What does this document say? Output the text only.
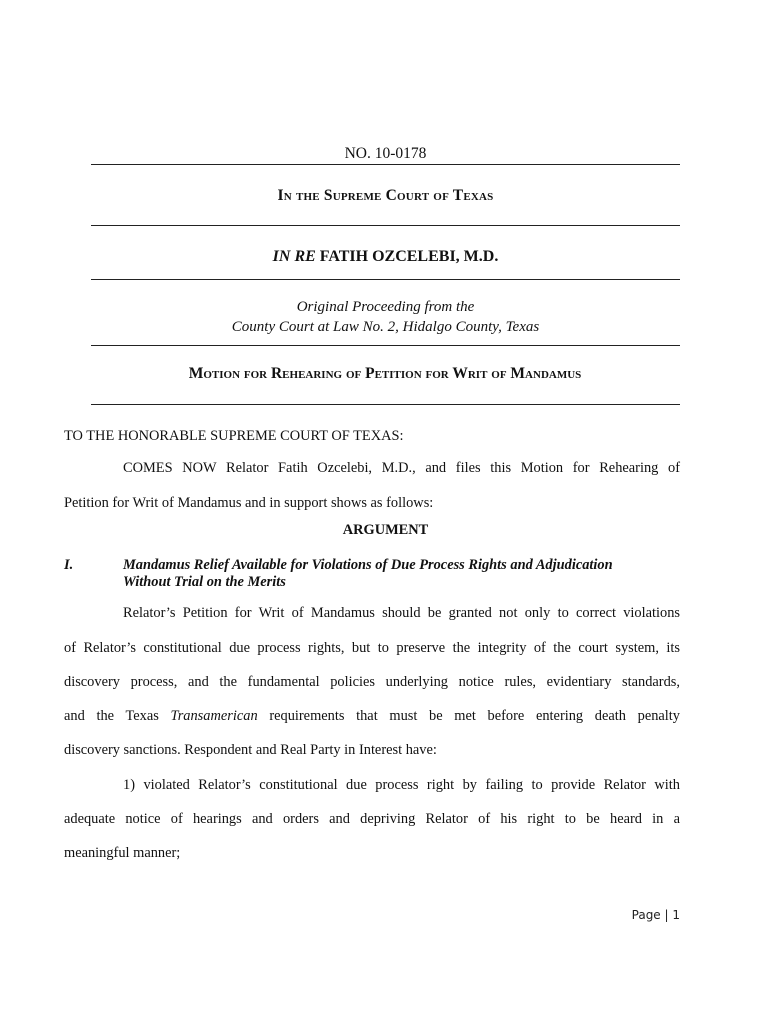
NO. 10-0178
In the Supreme Court of Texas
IN RE FATIH OZCELEBI, M.D.
Original Proceeding from the
County Court at Law No. 2, Hidalgo County, Texas
Motion for Rehearing of Petition for Writ of Mandamus
TO THE HONORABLE SUPREME COURT OF TEXAS:
COMES NOW Relator Fatih Ozcelebi, M.D., and files this Motion for Rehearing of
Petition for Writ of Mandamus and in support shows as follows:
ARGUMENT
I.	Mandamus Relief Available for Violations of Due Process Rights and Adjudication
Without Trial on the Merits
Relator’s Petition for Writ of Mandamus should be granted not only to correct violations
of Relator’s constitutional due process rights, but to preserve the integrity of the court system, its
discovery process, and the fundamental policies underlying notice rules, evidentiary standards,
and the Texas Transamerican requirements that must be met before entering death penalty
discovery sanctions. Respondent and Real Party in Interest have:
1) violated Relator’s constitutional due process right by failing to provide Relator with
adequate notice of hearings and orders and depriving Relator of his right to be heard in a
meaningful manner;
Page | 1
